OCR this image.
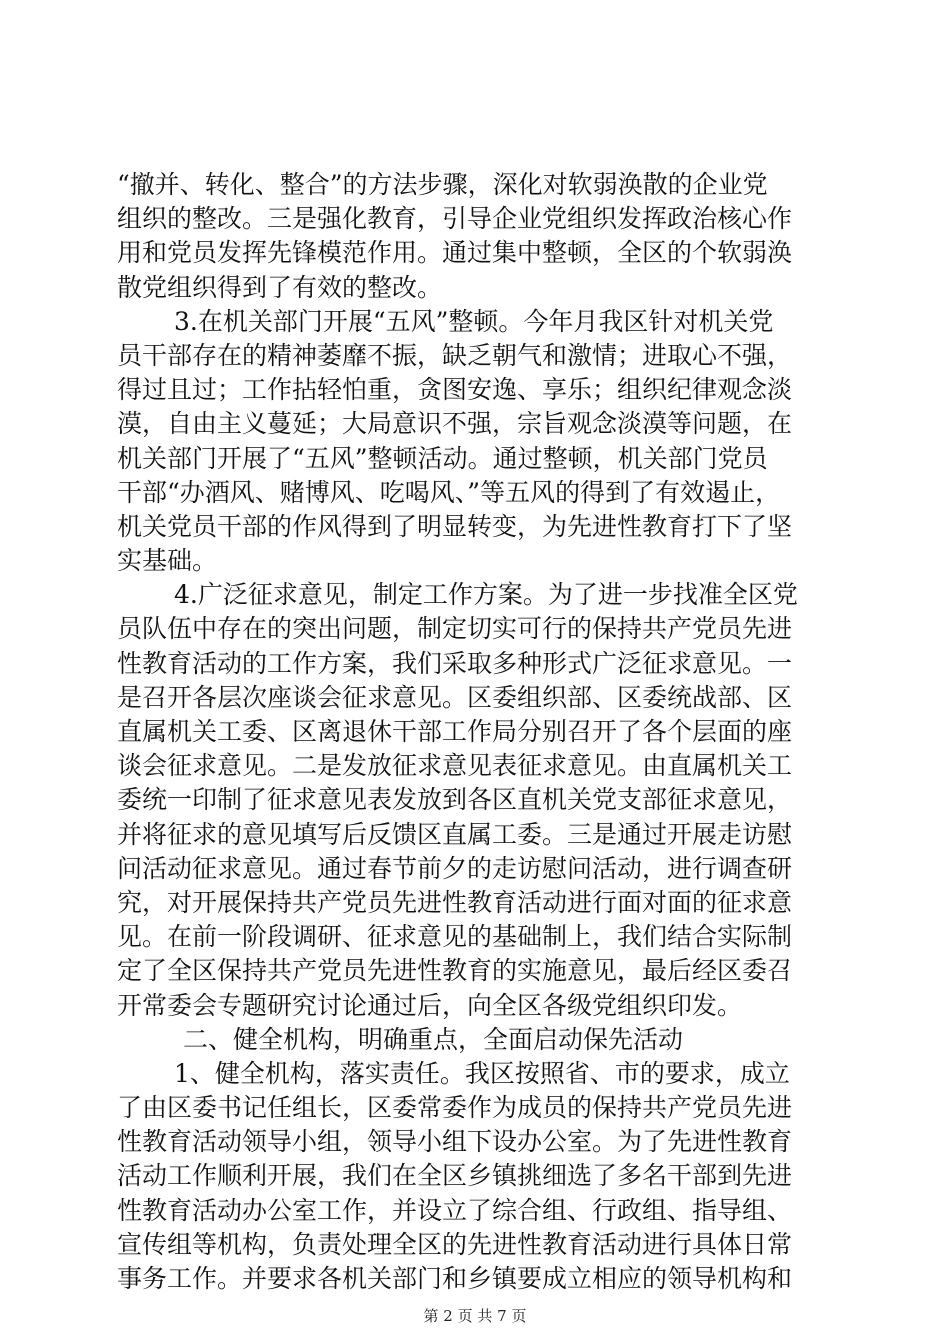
“撤并、转化、整合”的方法步骤，深化对软弱涣散的企业党
组织的整改。三是强化教育，引导企业党组织发挥政治核心作
用和党员发挥先锋模范作用。通过集中整顿，全区的个软弱涣
散党组织得到了有效的整改。
3.在机关部门开展“五风”整顿。今年月我区针对机关党
员干部存在的精神萎靡不振，缺乏朝气和激情；进取心不强，
得过且过；工作拈轻怕重，贪图安逸、享乐；组织纪律观念淡
漠，自由主义蔓延；大局意识不强，宗旨观念淡漠等问题，在
机关部门开展了“五风”整顿活动。通过整顿，机关部门党员
干部“办酒风、赌博风、吃喝风、”等五风的得到了有效遏止，
机关党员干部的作风得到了明显转变，为先进性教育打下了坚
实基础。
4.广泛征求意见，制定工作方案。为了进一步找准全区党
员队伍中存在的突出问题，制定切实可行的保持共产党员先进
性教育活动的工作方案，我们采取多种形式广泛征求意见。一
是召开各层次座谈会征求意见。区委组织部、区委统战部、区
直属机关工委、区离退休干部工作局分别召开了各个层面的座
谈会征求意见。二是发放征求意见表征求意见。由直属机关工
委统一印制了征求意见表发放到各区直机关党支部征求意见，
并将征求的意见填写后反馈区直属工委。三是通过开展走访慰
问活动征求意见。通过春节前夕的走访慰问活动，进行调查研
究，对开展保持共产党员先进性教育活动进行面对面的征求意
见。在前一阶段调研、征求意见的基础制上，我们结合实际制
定了全区保持共产党员先进性教育的实施意见，最后经区委召
开常委会专题研究讨论通过后，向全区各级党组织印发。
二、健全机构，明确重点，全面启动保先活动
1、健全机构，落实责任。我区按照省、市的要求，成立
了由区委书记任组长，区委常委作为成员的保持共产党员先进
性教育活动领导小组，领导小组下设办公室。为了先进性教育
活动工作顺利开展，我们在全区乡镇挑细选了多名干部到先进
性教育活动办公室工作，并设立了综合组、行政组、指导组、
宣传组等机构，负责处理全区的先进性教育活动进行具体日常
事务工作。并要求各机关部门和乡镇要成立相应的领导机构和
第 2 页 共 7 页
